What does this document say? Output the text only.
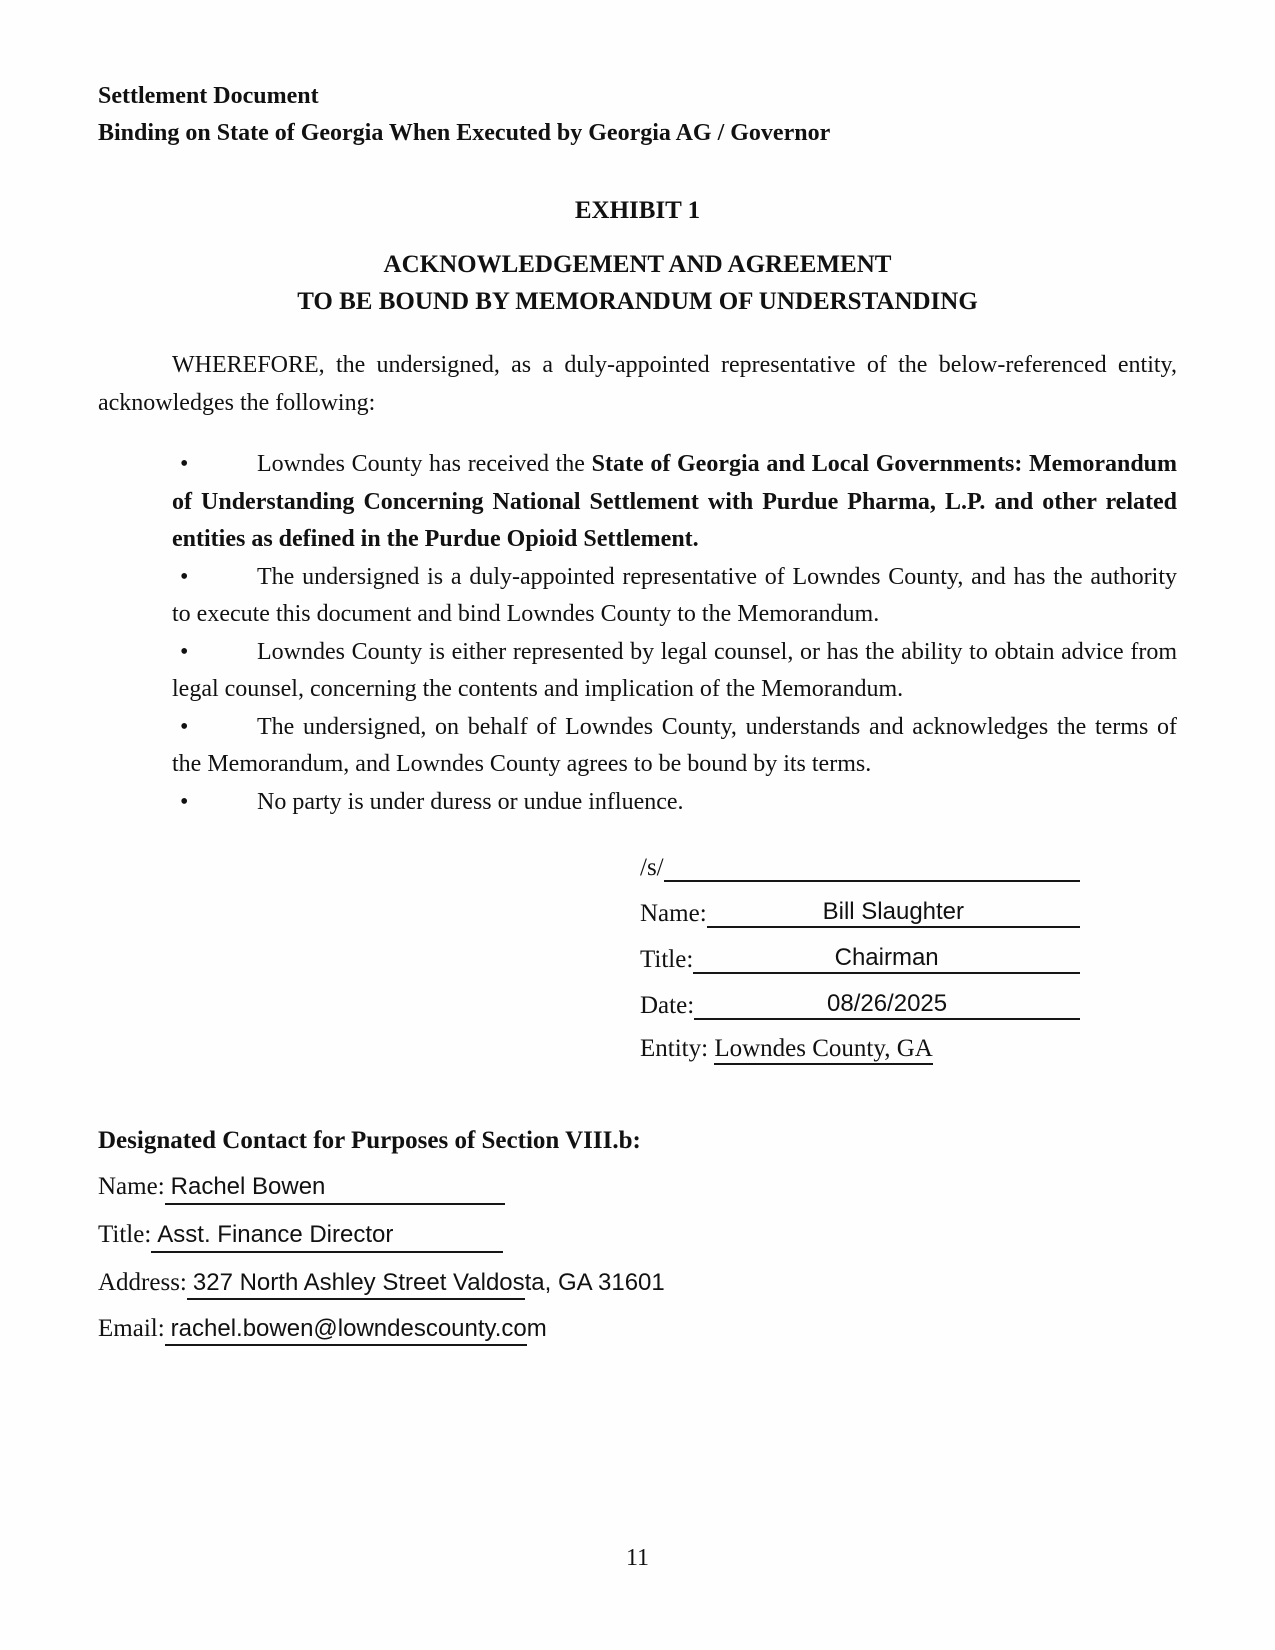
Settlement Document
Binding on State of Georgia When Executed by Georgia AG / Governor
EXHIBIT 1
ACKNOWLEDGEMENT AND AGREEMENT
TO BE BOUND BY MEMORANDUM OF UNDERSTANDING

WHEREFORE, the undersigned, as a duly-appointed representative of the below-referenced entity, acknowledges the following:

•	Lowndes County has received the State of Georgia and Local Governments: Memorandum of Understanding Concerning National Settlement with Purdue Pharma, L.P. and other related entities as defined in the Purdue Opioid Settlement.
•	The undersigned is a duly-appointed representative of Lowndes County, and has the authority to execute this document and bind Lowndes County to the Memorandum.
•	Lowndes County is either represented by legal counsel, or has the ability to obtain advice from legal counsel, concerning the contents and implication of the Memorandum.
•	The undersigned, on behalf of Lowndes County, understands and acknowledges the terms of the Memorandum, and Lowndes County agrees to be bound by its terms.
•	No party is under duress or undue influence.
/s/
Name:	Bill Slaughter
Title:	Chairman
Date:	08/26/2025
Entity: Lowndes County, GA
Designated Contact for Purposes of Section VIII.b:
Name: Rachel Bowen
Title: Asst. Finance Director
Address: 327 North Ashley Street Valdosta, GA 31601
Email: rachel.bowen@lowndescounty.com
11
